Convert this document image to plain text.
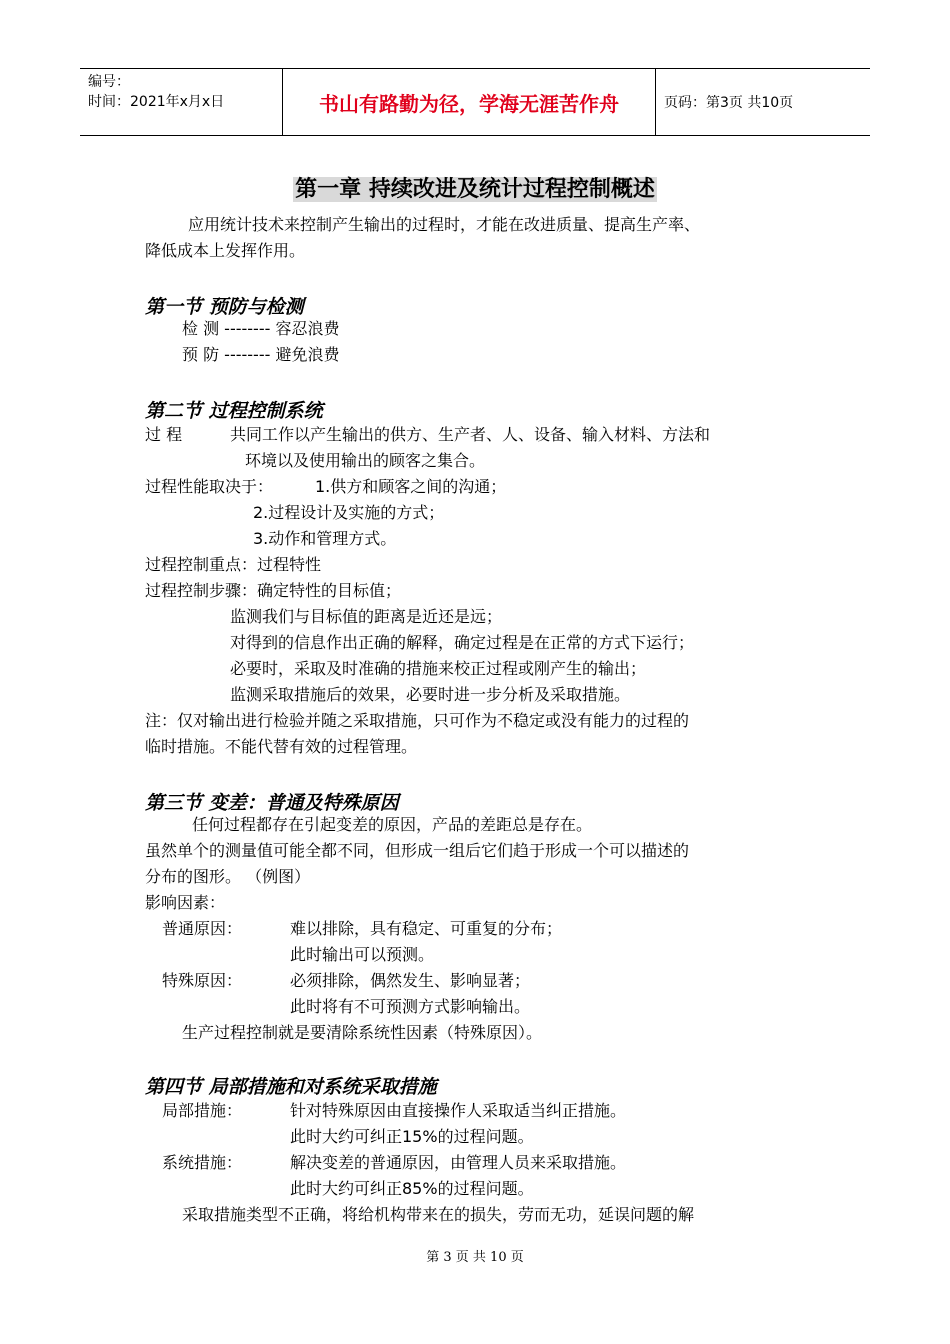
编号：
时间：2021年x月x日	书山有路勤为径，学海无涯苦作舟	页码：第3页 共10页
第一章 持续改进及统计过程控制概述
应用统计技术来控制产生输出的过程时，才能在改进质量、提高生产率、
降低成本上发挥作用。
第一节 预防与检测
检 测 -------- 容忍浪费
预 防 -------- 避免浪费
第二节 过程控制系统
过 程	共同工作以产生输出的供方、生产者、人、设备、输入材料、方法和
环境以及使用输出的顾客之集合。
过程性能取决于：	1.供方和顾客之间的沟通；
2.过程设计及实施的方式；
3.动作和管理方式。
过程控制重点：过程特性
过程控制步骤：确定特性的目标值；
监测我们与目标值的距离是近还是远；
对得到的信息作出正确的解释，确定过程是在正常的方式下运行；
必要时，采取及时准确的措施来校正过程或刚产生的输出；
监测采取措施后的效果，必要时进一步分析及采取措施。
注：仅对输出进行检验并随之采取措施，只可作为不稳定或没有能力的过程的
临时措施。不能代替有效的过程管理。
第三节 变差：普通及特殊原因
任何过程都存在引起变差的原因，产品的差距总是存在。
虽然单个的测量值可能全都不同，但形成一组后它们趋于形成一个可以描述的
分布的图形。 （例图）
影响因素：
普通原因：	难以排除，具有稳定、可重复的分布；
此时输出可以预测。
特殊原因：	必须排除，偶然发生、影响显著；
此时将有不可预测方式影响输出。
生产过程控制就是要清除系统性因素（特殊原因）。
第四节 局部措施和对系统采取措施
局部措施：	针对特殊原因由直接操作人采取适当纠正措施。
此时大约可纠正15%的过程问题。
系统措施：	解决变差的普通原因，由管理人员来采取措施。
此时大约可纠正85%的过程问题。
采取措施类型不正确，将给机构带来在的损失，劳而无功，延误问题的解
第 3 页 共 10 页
